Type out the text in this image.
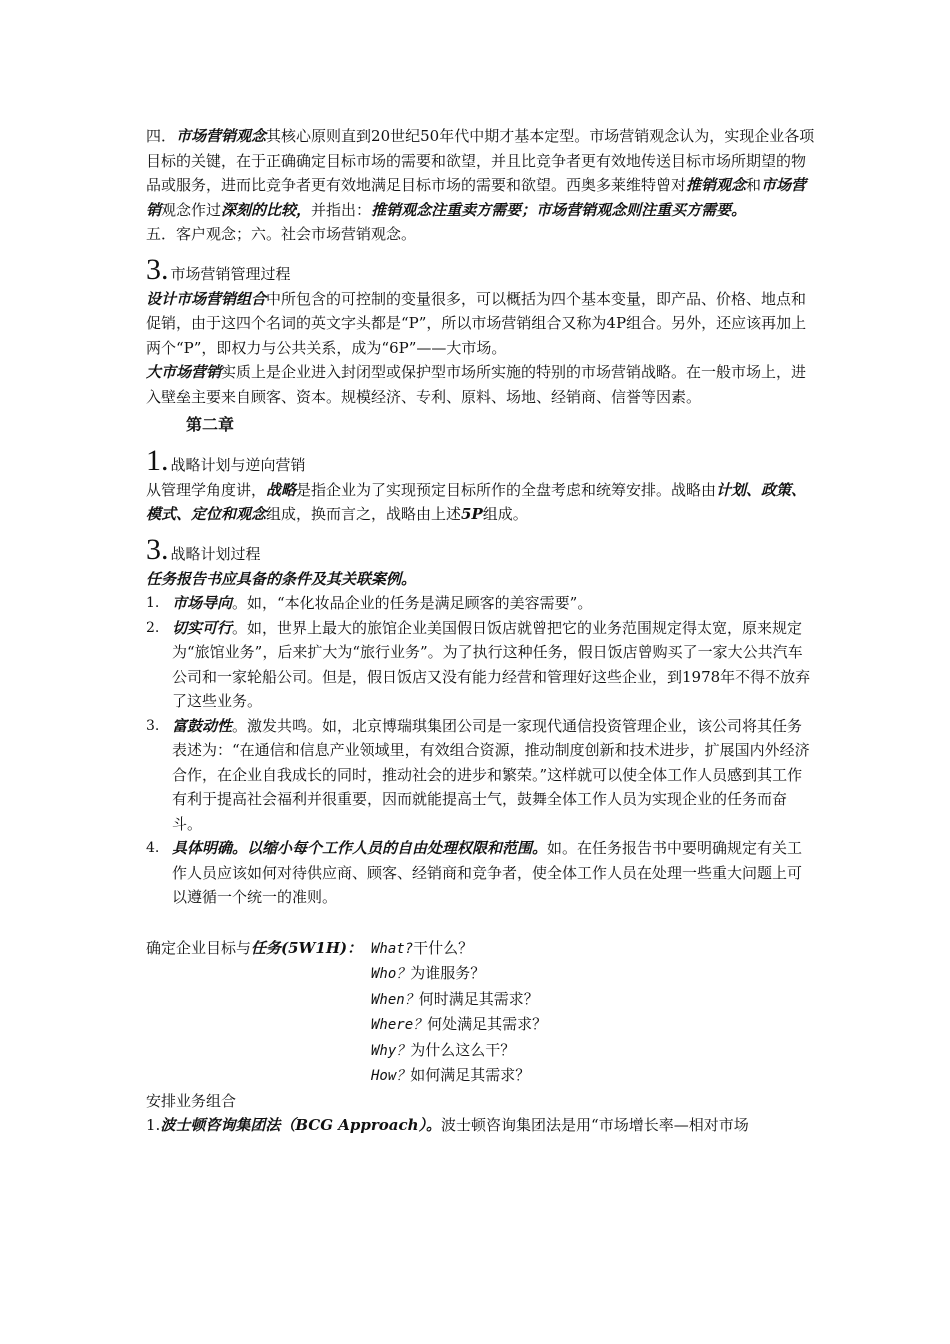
四．市场营销观念其核心原则直到20世纪50年代中期才基本定型。市场营销观念认为，实现企业各项目标的关键，在于正确确定目标市场的需要和欲望，并且比竞争者更有效地传送目标市场所期望的物品或服务，进而比竞争者更有效地满足目标市场的需要和欲望。西奥多莱维特曾对推销观念和市场营销观念作过深刻的比较，并指出：推销观念注重卖方需要；市场营销观念则注重买方需要。

五．客户观念；六。社会市场营销观念。

3. 市场营销管理过程

设计市场营销组合中所包含的可控制的变量很多，可以概括为四个基本变量，即产品、价格、地点和促销，由于这四个名词的英文字头都是“P”，所以市场营销组合又称为4P组合。另外，还应该再加上两个“P”，即权力与公共关系，成为“6P”——大市场。

大市场营销实质上是企业进入封闭型或保护型市场所实施的特别的市场营销战略。在一般市场上，进入壁垒主要来自顾客、资本。规模经济、专利、原料、场地、经销商、信誉等因素。

第二章
1. 战略计划与逆向营销

从管理学角度讲，战略是指企业为了实现预定目标所作的全盘考虑和统筹安排。战略由计划、政策、模式、定位和观念组成，换而言之，战略由上述5P组成。

3. 战略计划过程

任务报告书应具备的条件及其关联案例。

1. 市场导向。如，“本化妆品企业的任务是满足顾客的美容需要”。
2. 切实可行。如，世界上最大的旅馆企业美国假日饭店就曾把它的业务范围规定得太宽，原来规定为“旅馆业务”，后来扩大为“旅行业务”。为了执行这种任务，假日饭店曾购买了一家大公共汽车公司和一家轮船公司。但是，假日饭店又没有能力经营和管理好这些企业，到1978年不得不放弃了这些业务。
3. 富鼓动性。激发共鸣。如，北京博瑞琪集团公司是一家现代通信投资管理企业，该公司将其任务表述为：“在通信和信息产业领域里，有效组合资源，推动制度创新和技术进步，扩展国内外经济合作，在企业自我成长的同时，推动社会的进步和繁荣。”这样就可以使全体工作人员感到其工作有利于提高社会福利并很重要，因而就能提高士气，鼓舞全体工作人员为实现企业的任务而奋斗。
4. 具体明确。以缩小每个工作人员的自由处理权限和范围。如。在任务报告书中要明确规定有关工作人员应该如何对待供应商、顾客、经销商和竞争者，使全体工作人员在处理一些重大问题上可以遵循一个统一的准则。
确定企业目标与任务(5W1H)： What?干什么？
Who？为谁服务？
When？何时满足其需求？
Where？何处满足其需求？
Why？为什么这么干？
How？如何满足其需求？

安排业务组合

1.波士顿咨询集团法（BCG Approach）。波士顿咨询集团法是用“市场增长率—相对市场
